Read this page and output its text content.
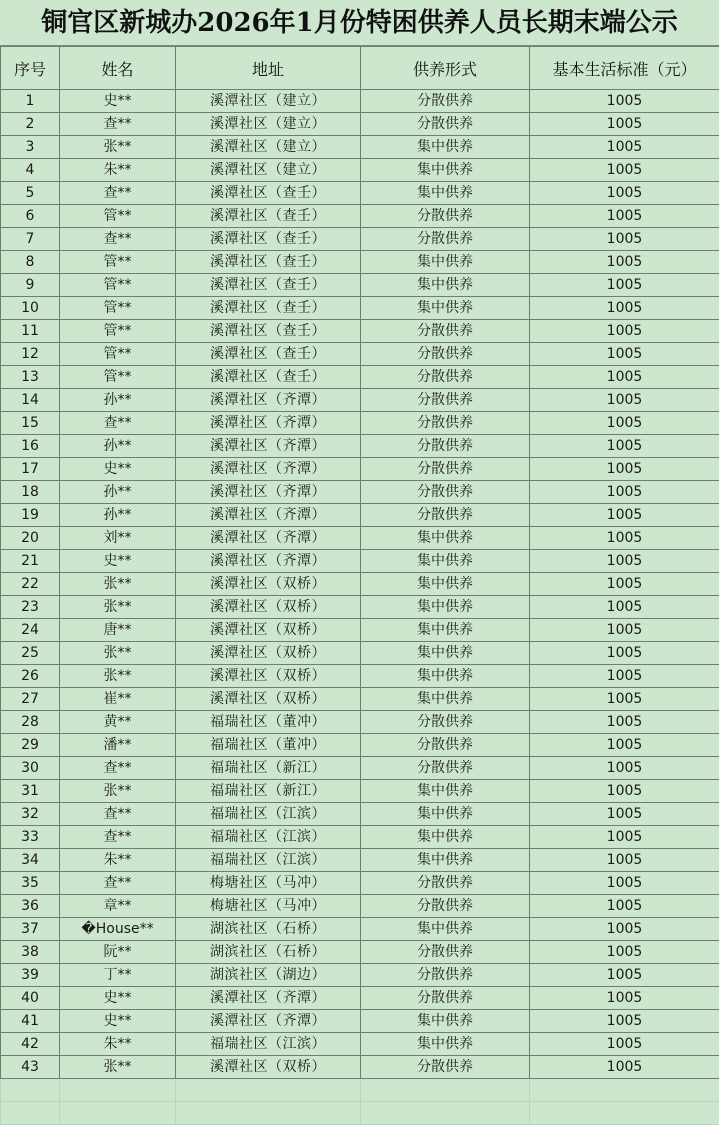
铜官区新城办2026年1月份特困供养人员长期末端公示
序号	姓名	地址	供养形式	基本生活标准（元）
1	史**	溪潭社区（建立）	分散供养	1005
2	查**	溪潭社区（建立）	分散供养	1005
3	张**	溪潭社区（建立）	集中供养	1005
4	朱**	溪潭社区（建立）	集中供养	1005
5	查**	溪潭社区（查壬）	集中供养	1005
6	管**	溪潭社区（查壬）	分散供养	1005
7	查**	溪潭社区（查壬）	分散供养	1005
8	管**	溪潭社区（查壬）	集中供养	1005
9	管**	溪潭社区（查壬）	集中供养	1005
10	管**	溪潭社区（查壬）	集中供养	1005
11	管**	溪潭社区（查壬）	分散供养	1005
12	管**	溪潭社区（查壬）	分散供养	1005
13	管**	溪潭社区（查壬）	分散供养	1005
14	孙**	溪潭社区（齐潭）	分散供养	1005
15	查**	溪潭社区（齐潭）	分散供养	1005
16	孙**	溪潭社区（齐潭）	分散供养	1005
17	史**	溪潭社区（齐潭）	分散供养	1005
18	孙**	溪潭社区（齐潭）	分散供养	1005
19	孙**	溪潭社区（齐潭）	分散供养	1005
20	刘**	溪潭社区（齐潭）	集中供养	1005
21	史**	溪潭社区（齐潭）	集中供养	1005
22	张**	溪潭社区（双桥）	集中供养	1005
23	张**	溪潭社区（双桥）	集中供养	1005
24	唐**	溪潭社区（双桥）	集中供养	1005
25	张**	溪潭社区（双桥）	集中供养	1005
26	张**	溪潭社区（双桥）	集中供养	1005
27	崔**	溪潭社区（双桥）	集中供养	1005
28	黄**	福瑞社区（董冲）	分散供养	1005
29	潘**	福瑞社区（董冲）	分散供养	1005
30	查**	福瑞社区（新江）	分散供养	1005
31	张**	福瑞社区（新江）	集中供养	1005
32	查**	福瑞社区（江滨）	集中供养	1005
33	查**	福瑞社区（江滨）	集中供养	1005
34	朱**	福瑞社区（江滨）	集中供养	1005
35	查**	梅塘社区（马冲）	分散供养	1005
36	章**	梅塘社区（马冲）	分散供养	1005
37	�House**	湖滨社区（石桥）	集中供养	1005
38	阮**	湖滨社区（石桥）	分散供养	1005
39	丁**	湖滨社区（湖边）	分散供养	1005
40	史**	溪潭社区（齐潭）	分散供养	1005
41	史**	溪潭社区（齐潭）	集中供养	1005
42	朱**	福瑞社区（江滨）	集中供养	1005
43	张**	溪潭社区（双桥）	分散供养	1005
